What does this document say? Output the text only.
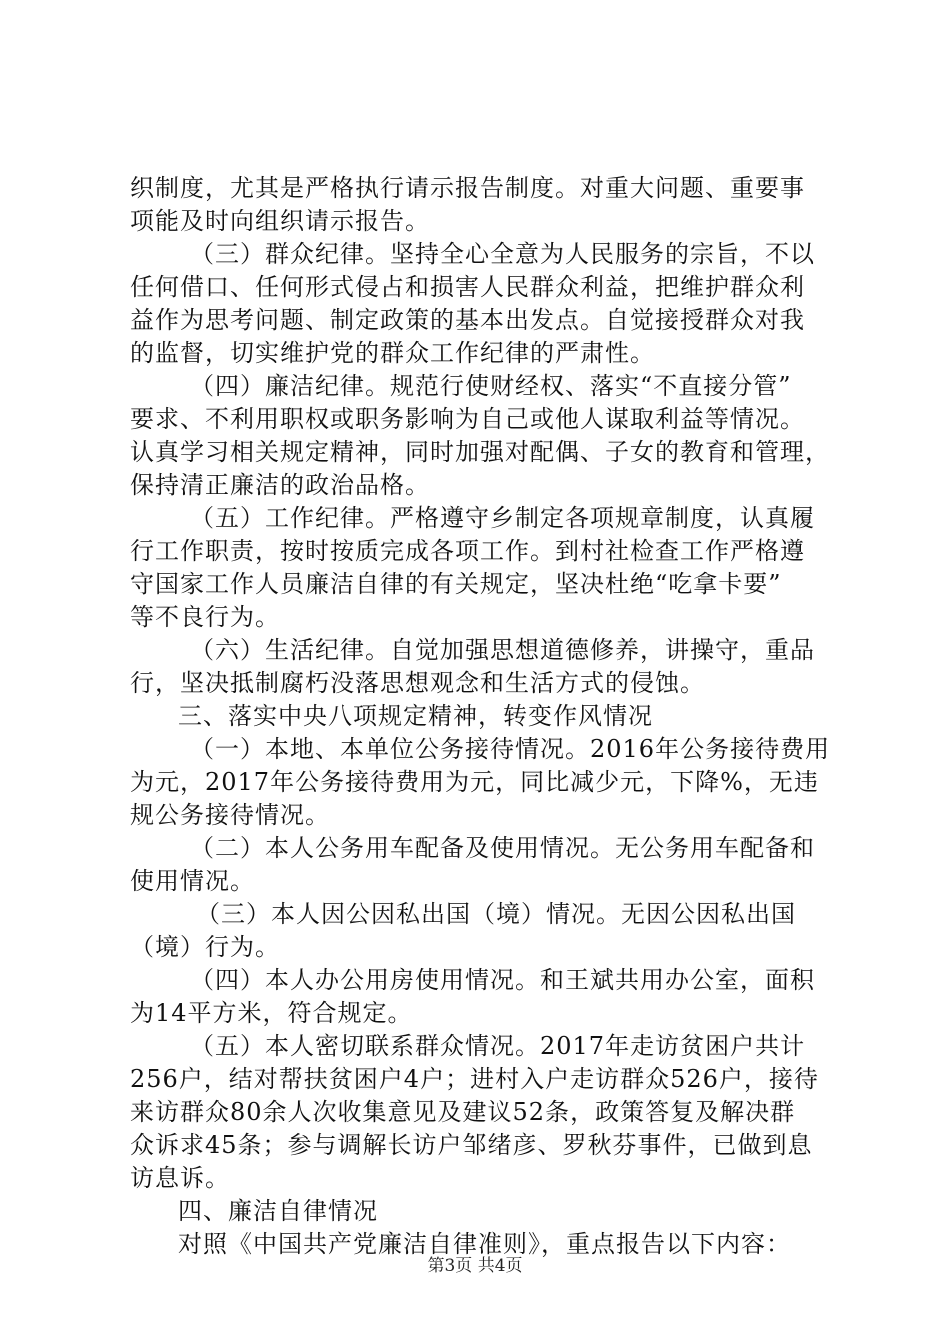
织制度，尤其是严格执行请示报告制度。对重大问题、重要事
项能及时向组织请示报告。
（三）群众纪律。坚持全心全意为人民服务的宗旨，不以
任何借口、任何形式侵占和损害人民群众利益，把维护群众利
益作为思考问题、制定政策的基本出发点。自觉接授群众对我
的监督，切实维护党的群众工作纪律的严肃性。
（四）廉洁纪律。规范行使财经权、落实“不直接分管”
要求、不利用职权或职务影响为自己或他人谋取利益等情况。
认真学习相关规定精神，同时加强对配偶、子女的教育和管理，
保持清正廉洁的政治品格。
（五）工作纪律。严格遵守乡制定各项规章制度，认真履
行工作职责，按时按质完成各项工作。到村社检查工作严格遵
守国家工作人员廉洁自律的有关规定，坚决杜绝“吃拿卡要”
等不良行为。
（六）生活纪律。自觉加强思想道德修养，讲操守，重品
行，坚决抵制腐朽没落思想观念和生活方式的侵蚀。
三、落实中央八项规定精神，转变作风情况
（一）本地、本单位公务接待情况。2016年公务接待费用
为元，2017年公务接待费用为元，同比减少元，下降%，无违
规公务接待情况。
（二）本人公务用车配备及使用情况。无公务用车配备和
使用情况。
（三）本人因公因私出国（境）情况。无因公因私出国
（境）行为。
（四）本人办公用房使用情况。和王斌共用办公室，面积
为14平方米，符合规定。
（五）本人密切联系群众情况。2017年走访贫困户共计
256户，结对帮扶贫困户4户；进村入户走访群众526户，接待
来访群众80余人次收集意见及建议52条，政策答复及解决群
众诉求45条；参与调解长访户邹绪彦、罗秋芬事件，已做到息
访息诉。
四、廉洁自律情况
对照《中国共产党廉洁自律准则》，重点报告以下内容：
第3页 共4页
